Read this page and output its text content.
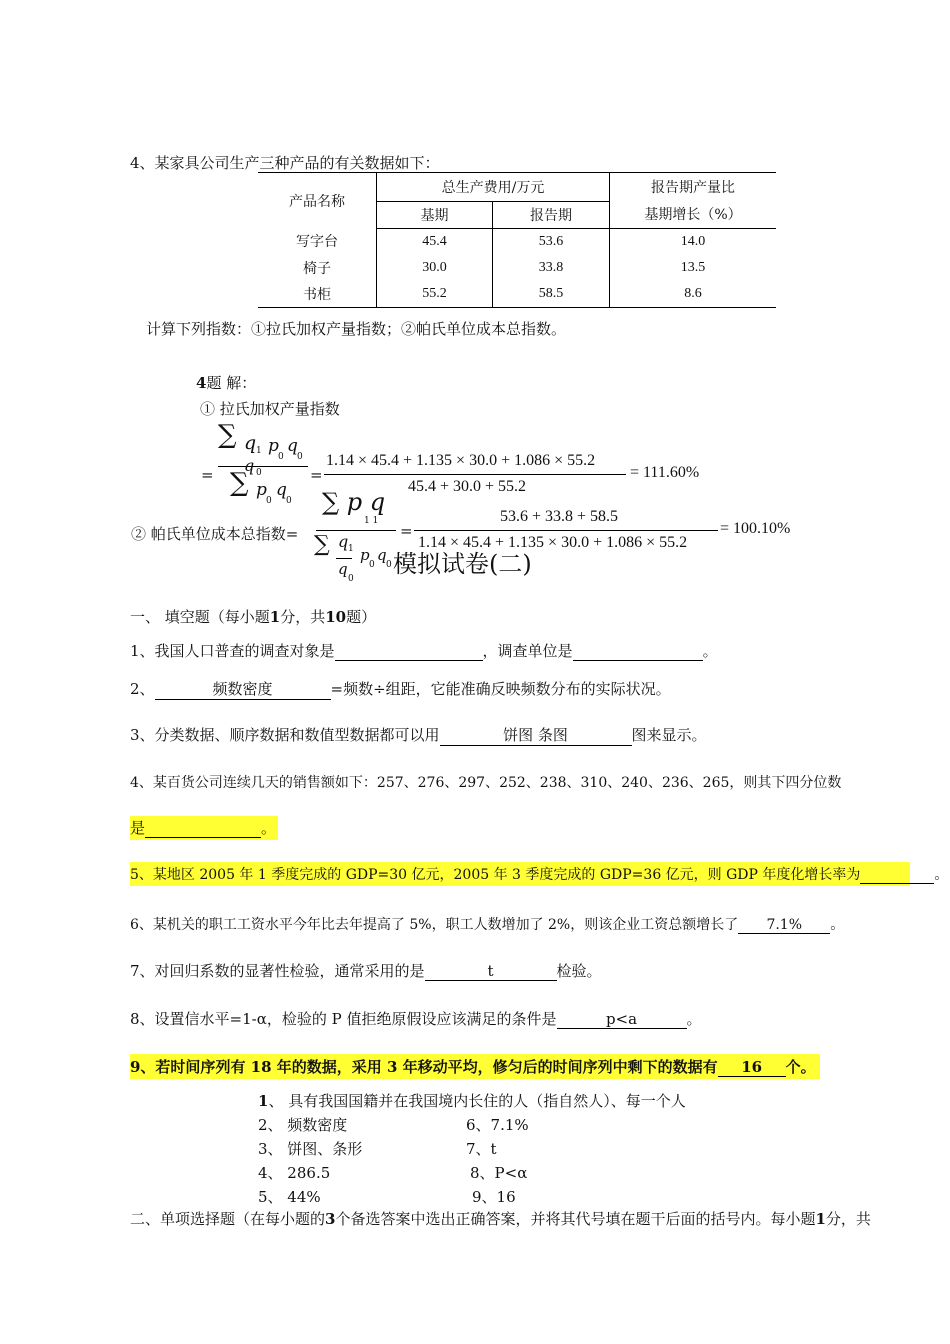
4、某家具公司生产三种产品的有关数据如下：
产品名称	总生产费用/万元		报告期产量比
	基期	报告期	基期增长（%）
写字台	45.4	53.6	14.0
椅子	30.0	33.8	13.5
书柜	55.2	58.5	8.6
计算下列指数：①拉氏加权产量指数；②帕氏单位成本总指数。
4题 解：
① 拉氏加权产量指数
∑ q 1 p
0
q
0
= q 0
∑ p
0
q
0
=
1.14 × 45.4 + 1.135 × 30.0 + 1.086 × 55.2
45.4 + 30.0 + 55.2
= 111.60%
② 帕氏单位成本总指数=
∑ p q
1 1
∑ q 1 p
0
q
0
q
0
=
53.6 + 33.8 + 58.5
1.14 × 45.4 + 1.135 × 30.0 + 1.086 × 55.2
= 100.10%
模拟试卷(二)
一、 填空题（每小题1分，共10题）
1、我国人口普查的调查对象是	，调查单位是	。
2、	频数密度	=频数÷组距，它能准确反映频数分布的实际状况。
3、分类数据、顺序数据和数值型数据都可以用	饼图 条图	图来显示。
4、某百货公司连续几天的销售额如下：257、276、297、252、238、310、240、236、265，则其下四分位数
是	。
5、某地区 2005 年 1 季度完成的 GDP=30 亿元，2005 年 3 季度完成的 GDP=36 亿元，则 GDP 年度化增长率为	。
6、某机关的职工工资水平今年比去年提高了 5%，职工人数增加了 2%，则该企业工资总额增长了 7.1% 。
7、对回归系数的显著性检验，通常采用的是	t	检验。
8、设置信水平=1-α，检验的 P 值拒绝原假设应该满足的条件是	p<a	。
9、若时间序列有 18 年的数据，采用 3 年移动平均，修匀后的时间序列中剩下的数据有 16 个。
1、 具有我国国籍并在我国境内长住的人（指自然人）、每一个人
2、 频数密度	6、7.1%
3、 饼图、条形	7、t
4、 286.5	8、P<α
5、 44%	9、16
二、单项选择题（在每小题的3个备选答案中选出正确答案，并将其代号填在题干后面的括号内。每小题1分，共
